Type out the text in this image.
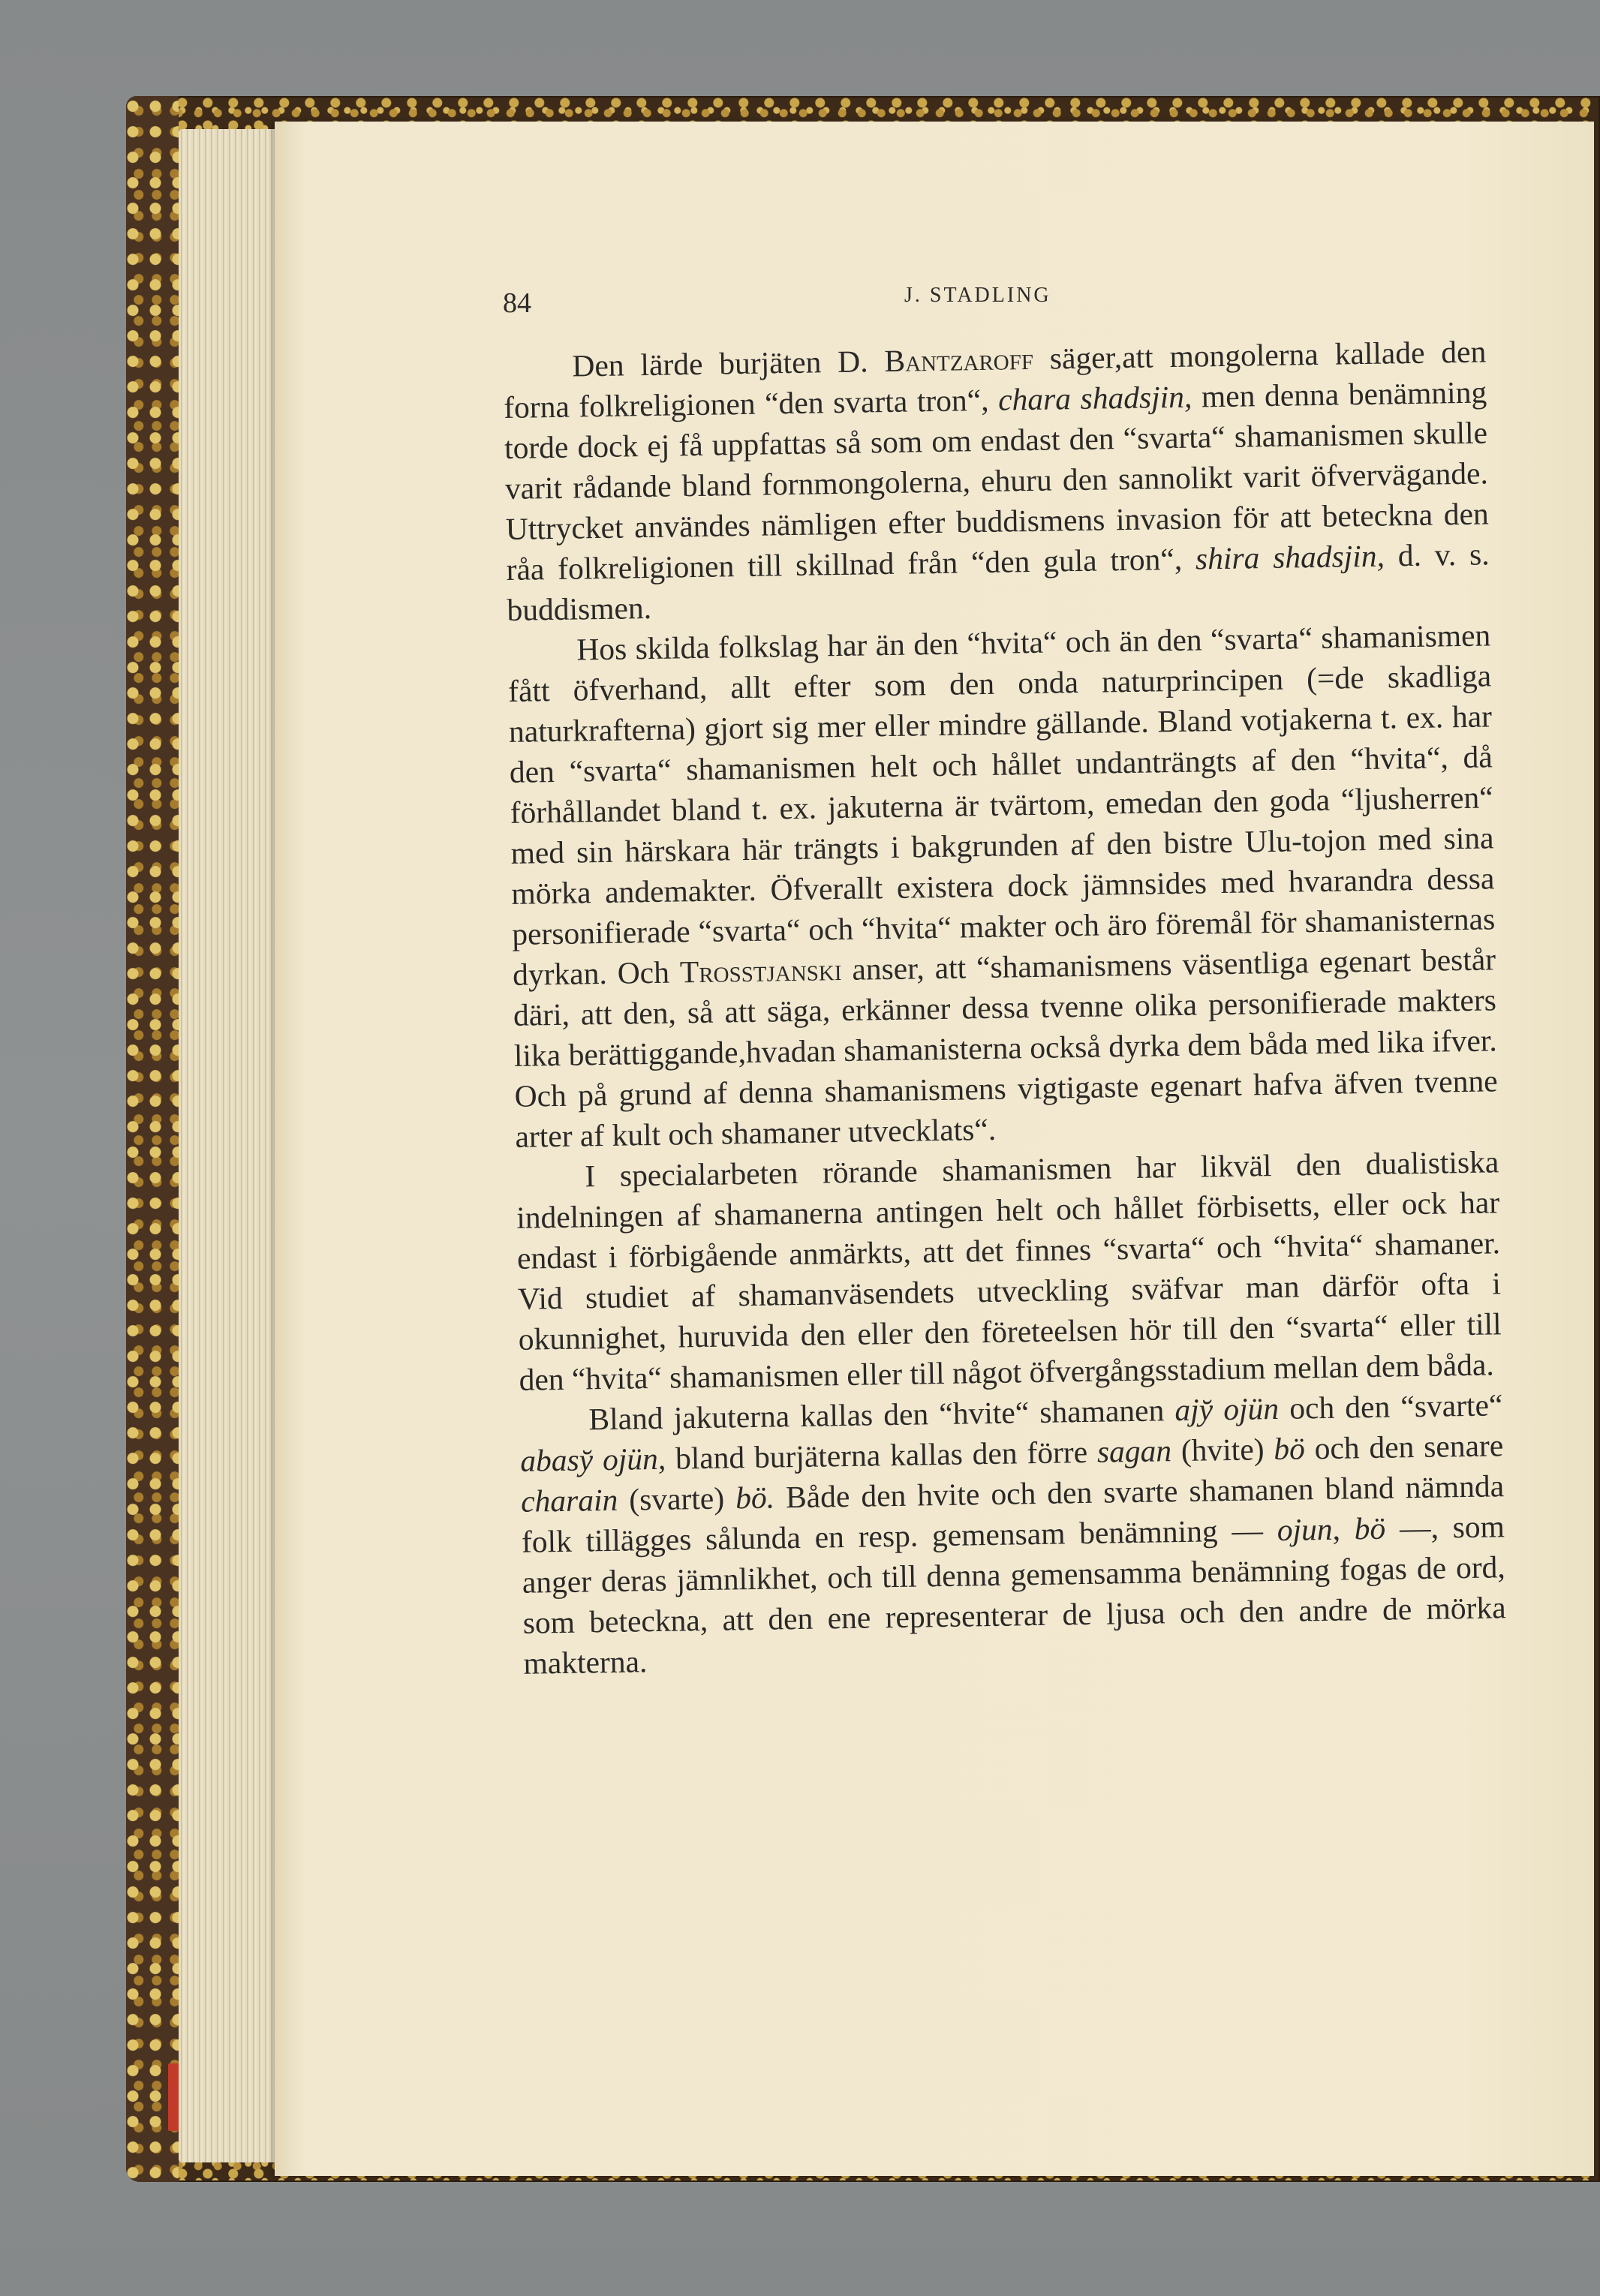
84	J. STADLING

Den lärde burjäten D. Bantzaroff säger,att mongolerna kallade den forna folkreligionen “den svarta tron“, chara shadsjin, men denna benämning torde dock ej få uppfattas så som om endast den “svarta“ shamanismen skulle varit rådande bland fornmongolerna, ehuru den sannolikt varit öfvervägande. Uttrycket användes nämligen efter buddismens invasion för att beteckna den råa folkreligionen till skillnad från “den gula tron“, shira shadsjin, d. v. s. buddismen.

Hos skilda folkslag har än den “hvita“ och än den “svarta“ shamanismen fått öfverhand, allt efter som den onda naturprincipen (=de skadliga naturkrafterna) gjort sig mer eller mindre gällande. Bland votjakerna t. ex. har den “svarta“ shamanismen helt och hållet undanträngts af den “hvita“, då förhållandet bland t. ex. jakuterna är tvärtom, emedan den goda “ljusherren“ med sin härskara här trängts i bakgrunden af den bistre Ulu-tojon med sina mörka andemakter. Öfverallt existera dock jämnsides med hvarandra dessa personifierade “svarta“ och “hvita“ makter och äro föremål för shamanisternas dyrkan. Och Trosstjanski anser, att “shamanismens väsentliga egenart består däri, att den, så att säga, erkänner dessa tvenne olika personifierade makters lika berättiggande,hvadan shamanisterna också dyrka dem båda med lika ifver. Och på grund af denna shamanismens vigtigaste egenart hafva äfven tvenne arter af kult och shamaner utvecklats“.

I specialarbeten rörande shamanismen har likväl den dualistiska indelningen af shamanerna antingen helt och hållet förbisetts, eller ock har endast i förbigående anmärkts, att det finnes “svarta“ och “hvita“ shamaner. Vid studiet af shamanväsendets utveckling sväfvar man därför ofta i okunnighet, huruvida den eller den företeelsen hör till den “svarta“ eller till den “hvita“ shamanismen eller till något öfvergångsstadium mellan dem båda.

Bland jakuterna kallas den “hvite“ shamanen ajy̆ ojün och den “svarte“ abasy̆ ojün, bland burjäterna kallas den förre sagan (hvite) bö och den senare charain (svarte) bö. Både den hvite och den svarte shamanen bland nämnda folk tillägges sålunda en resp. gemensam benämning — ojun, bö —, som anger deras jämnlikhet, och till denna gemensamma benämning fogas de ord, som beteckna, att den ene representerar de ljusa och den andre de mörka makterna.
